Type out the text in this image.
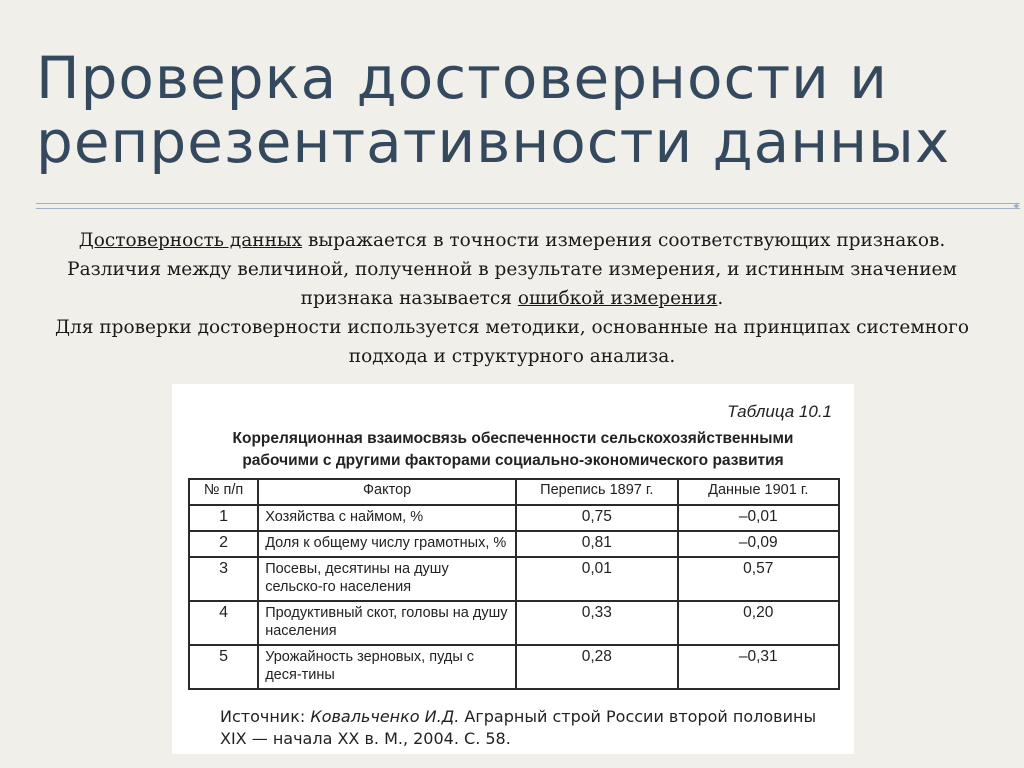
Проверка достоверности и репрезентативности данных
✦

Достоверность данных выражается в точности измерения соответствующих признаков. Различия между величиной, полученной в результате измерения, и истинным значением признака называется ошибкой измерения.

Для проверки достоверности используется методики, основанные на принципах системного подхода и структурного анализа.

Таблица 10.1
Корреляционная взаимосвязь обеспеченности сельскохозяйственными
рабочими с другими факторами социально-экономического развития
№ п/п	Фактор	Перепись 1897 г.	Данные 1901 г.
1	Хозяйства с наймом, %	0,75	–0,01
2	Доля к общему числу грамотных, %	0,81	–0,09
3	Посевы, десятины на душу сельско-го населения	0,01	0,57
4	Продуктивный скот, головы на душу населения	0,33	0,20
5	Урожайность зерновых, пуды с деся-тины	0,28	–0,31
Источник: Ковальченко И.Д. Аграрный строй России второй половины XIX — начала XX в. М., 2004. С. 58.
